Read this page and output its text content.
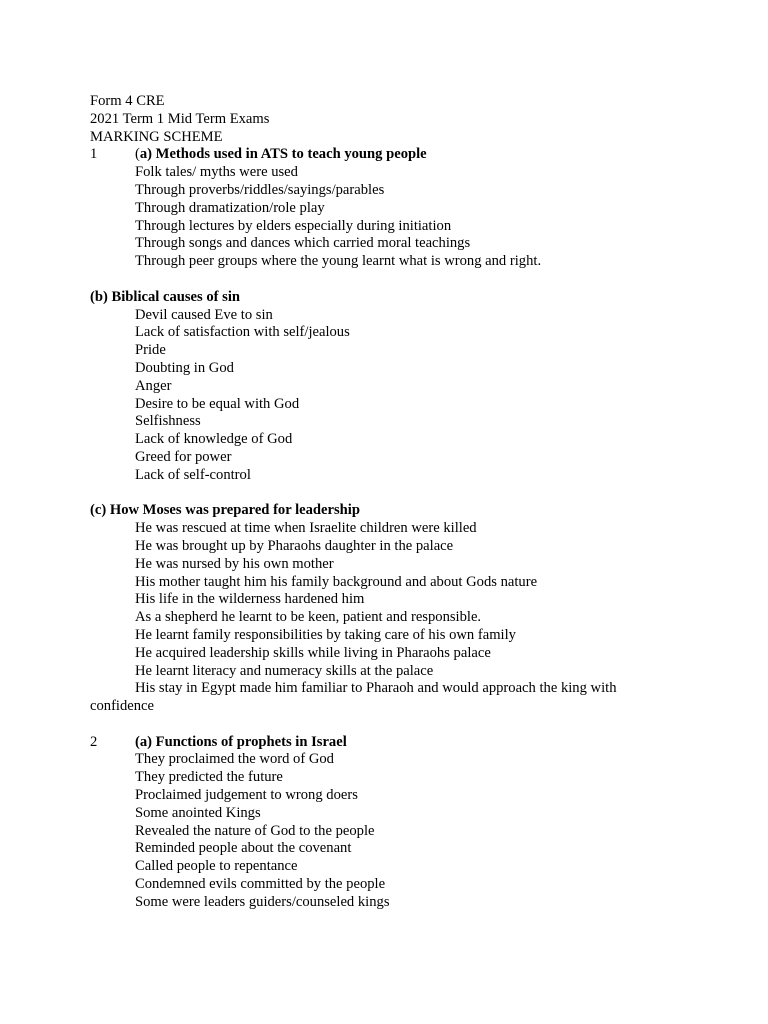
Form 4 CRE
2021 Term 1 Mid Term Exams
MARKING SCHEME
1	(a) Methods used in ATS to teach young people
Folk tales/ myths were used
Through proverbs/riddles/sayings/parables
Through dramatization/role play
Through lectures by elders especially during initiation
Through songs and dances which carried moral teachings
Through peer groups where the young learnt what is wrong and right.
(b) Biblical causes of sin
Devil caused Eve to sin
Lack of satisfaction with self/jealous
Pride
Doubting in God
Anger
Desire to be equal with God
Selfishness
Lack of knowledge of God
Greed for power
Lack of self-control
(c) How Moses was prepared for leadership
He was rescued at time when Israelite children were killed
He was brought up by Pharaohs daughter in the palace
He was nursed by his own mother
His mother taught him his family background and about Gods nature
His life in the wilderness hardened him
As a shepherd he learnt to be keen, patient and responsible.
He learnt family responsibilities by taking care of his own family
He acquired leadership skills while living in Pharaohs palace
He learnt literacy and numeracy skills at the palace
His stay in Egypt made him familiar to Pharaoh and would approach the king with
confidence
2	(a) Functions of prophets in Israel
They proclaimed the word of God
They predicted the future
Proclaimed judgement to wrong doers
Some anointed Kings
Revealed the nature of God to the people
Reminded people about the covenant
Called people to repentance
Condemned evils committed by the people
Some were leaders guiders/counseled kings
